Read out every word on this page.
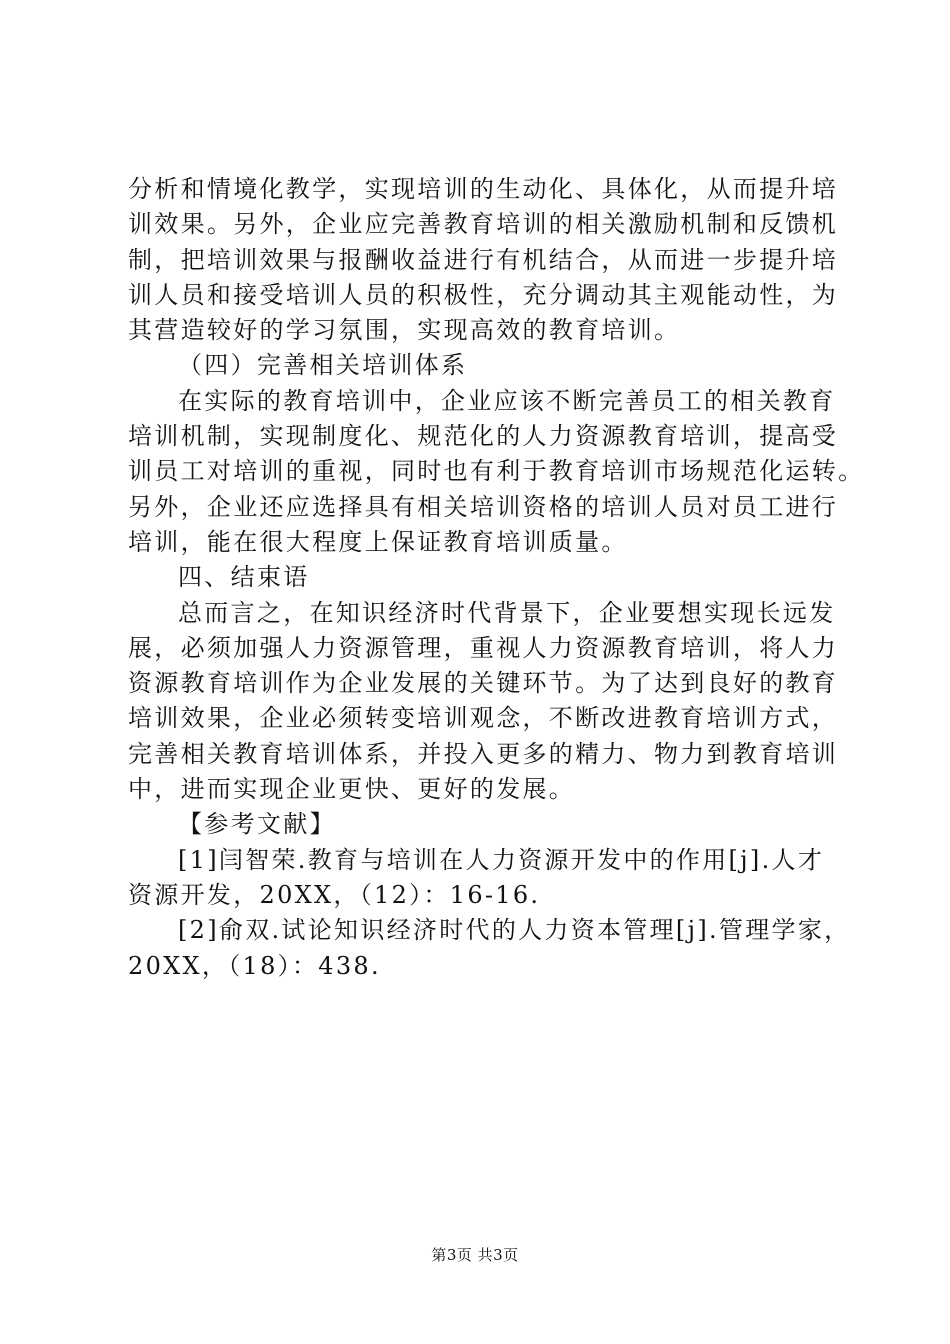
分析和情境化教学，实现培训的生动化、具体化，从而提升培
训效果。另外，企业应完善教育培训的相关激励机制和反馈机
制，把培训效果与报酬收益进行有机结合，从而进一步提升培
训人员和接受培训人员的积极性，充分调动其主观能动性，为
其营造较好的学习氛围，实现高效的教育培训。
（四）完善相关培训体系
在实际的教育培训中，企业应该不断完善员工的相关教育
培训机制，实现制度化、规范化的人力资源教育培训，提高受
训员工对培训的重视，同时也有利于教育培训市场规范化运转。
另外，企业还应选择具有相关培训资格的培训人员对员工进行
培训，能在很大程度上保证教育培训质量。
四、结束语
总而言之，在知识经济时代背景下，企业要想实现长远发
展，必须加强人力资源管理，重视人力资源教育培训，将人力
资源教育培训作为企业发展的关键环节。为了达到良好的教育
培训效果，企业必须转变培训观念，不断改进教育培训方式，
完善相关教育培训体系，并投入更多的精力、物力到教育培训
中，进而实现企业更快、更好的发展。
【参考文献】
[1]闫智荣.教育与培训在人力资源开发中的作用[j].人才
资源开发，20XX，（12）：16-16.
[2]俞双.试论知识经济时代的人力资本管理[j].管理学家，
20XX，（18）：438.
第3页 共3页
